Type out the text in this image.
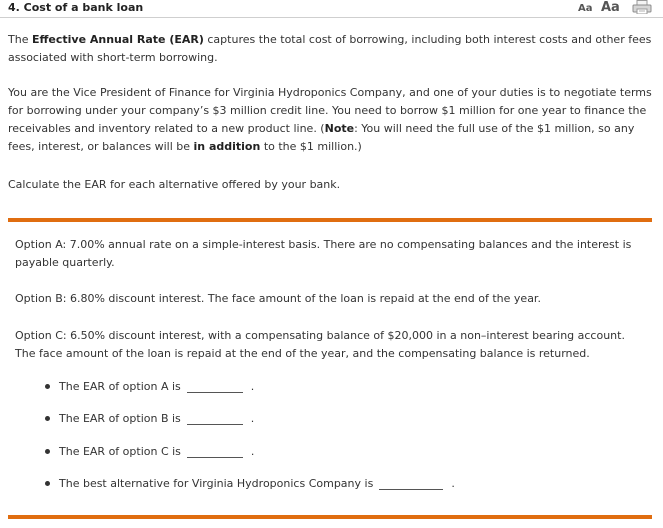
4. Cost of a bank loan	Aa Aa

The Effective Annual Rate (EAR) captures the total cost of borrowing, including both interest costs and other fees associated with short-term borrowing.

You are the Vice President of Finance for Virginia Hydroponics Company, and one of your duties is to negotiate terms for borrowing under your company’s $3 million credit line. You need to borrow $1 million for one year to finance the receivables and inventory related to a new product line. (Note: You will need the full use of the $1 million, so any fees, interest, or balances will be in addition to the $1 million.)

Calculate the EAR for each alternative offered by your bank.

Option A: 7.00% annual rate on a simple-interest basis. There are no compensating balances and the interest is payable quarterly.

Option B: 6.80% discount interest. The face amount of the loan is repaid at the end of the year.

Option C: 6.50% discount interest, with a compensating balance of $20,000 in a non–interest bearing account. The face amount of the loan is repaid at the end of the year, and the compensating balance is returned.

The EAR of option A is	.
The EAR of option B is	.
The EAR of option C is	.
The best alternative for Virginia Hydroponics Company is	.
